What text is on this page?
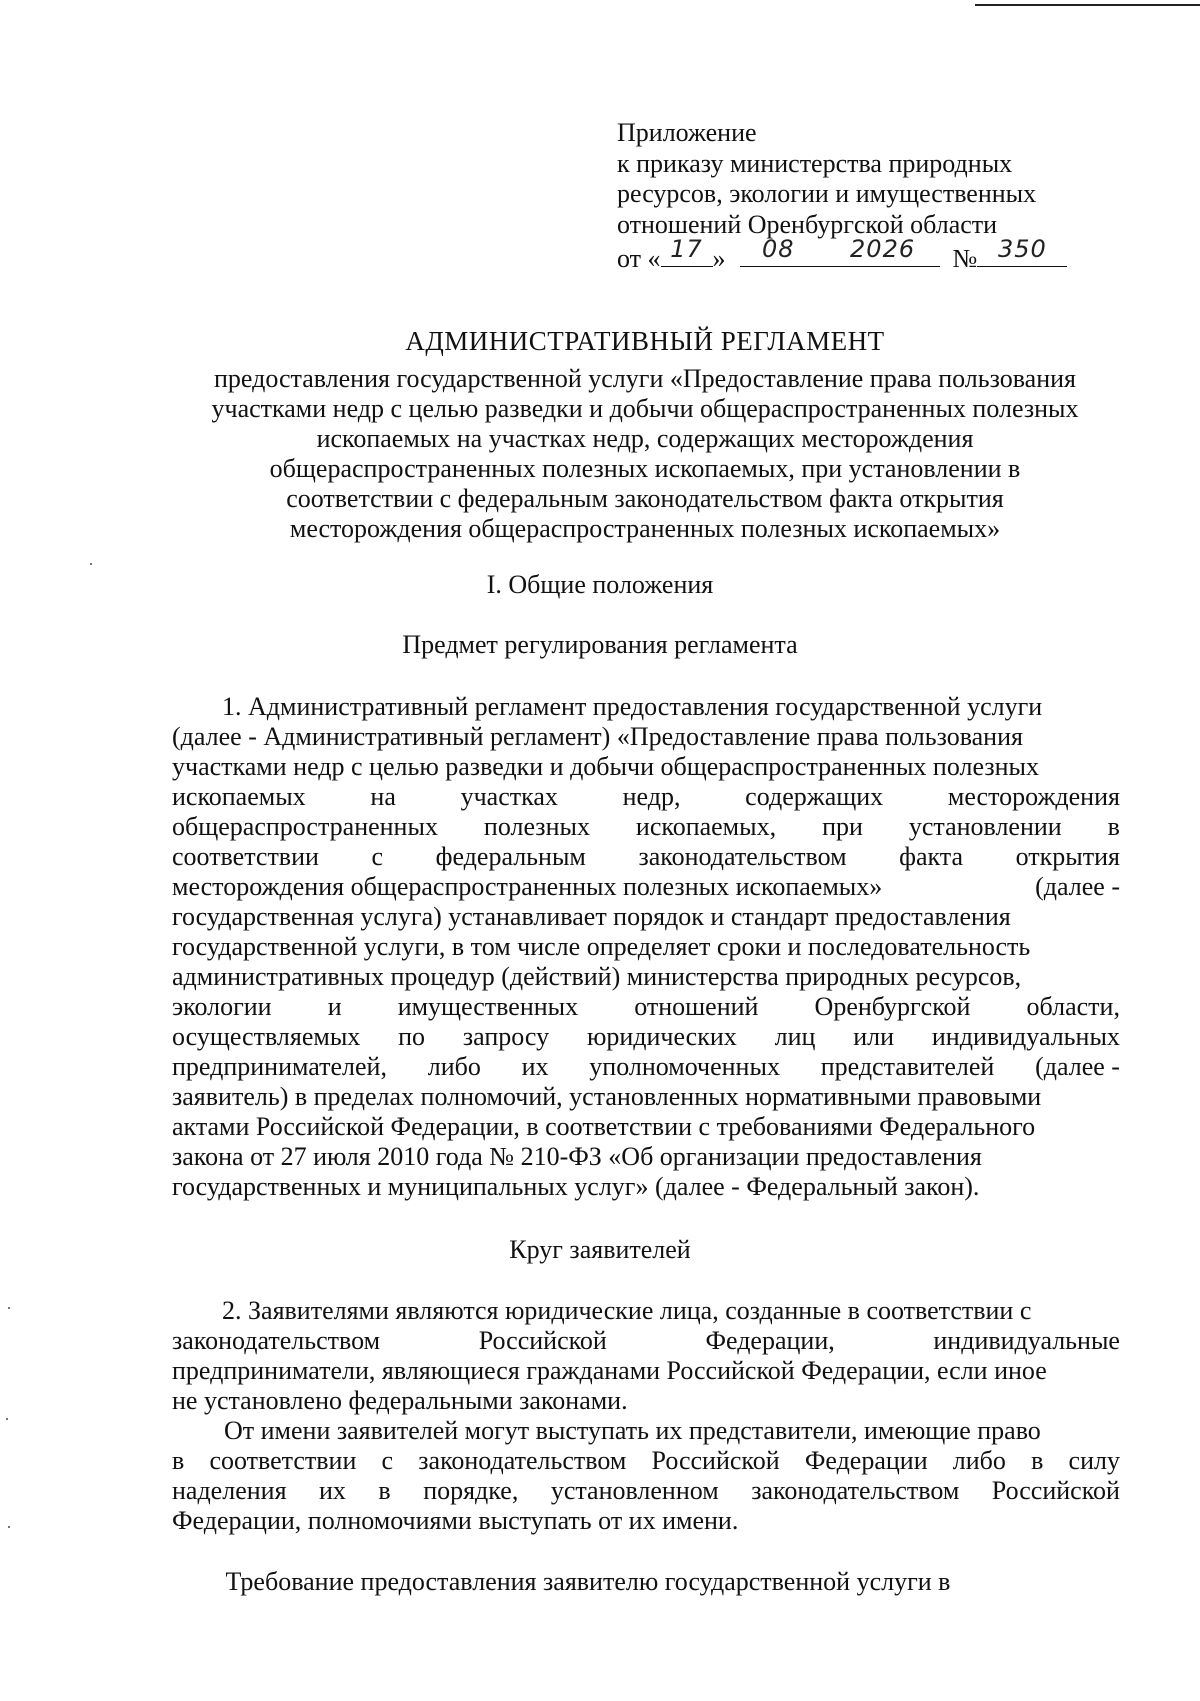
Приложение
к приказу министерства природных
ресурсов, экологии и имущественных
отношений Оренбургской области
от « 17 »	08	2026	№ 350
АДМИНИСТРАТИВНЫЙ РЕГЛАМЕНТ
предоставления государственной услуги «Предоставление права пользования
участками недр с целью разведки и добычи общераспространенных полезных
ископаемых на участках недр, содержащих месторождения
общераспространенных полезных ископаемых, при установлении в
соответствии с федеральным законодательством факта открытия
месторождения общераспространенных полезных ископаемых»
I. Общие положения
Предмет регулирования регламента
1. Административный регламент предоставления государственной услуги
(далее - Административный регламент) «Предоставление права пользования
участками недр с целью разведки и добычи общераспространенных полезных
ископаемых на участках недр, содержащих месторождения
общераспространенных полезных ископаемых, при установлении в
соответствии с федеральным законодательством факта открытия
месторождения общераспространенных полезных ископаемых»	(далее -
государственная услуга) устанавливает порядок и стандарт предоставления
государственной услуги, в том числе определяет сроки и последовательность
административных процедур (действий) министерства природных ресурсов,
экологии и имущественных отношений Оренбургской области,
осуществляемых по запросу юридических лиц или индивидуальных
предпринимателей, либо их уполномоченных представителей (далее -
заявитель) в пределах полномочий, установленных нормативными правовыми
актами Российской Федерации, в соответствии с требованиями Федерального
закона от 27 июля 2010 года № 210-ФЗ «Об организации предоставления
государственных и муниципальных услуг» (далее - Федеральный закон).
Круг заявителей
2. Заявителями являются юридические лица, созданные в соответствии с
законодательством	Российской	Федерации,	индивидуальные
предприниматели, являющиеся гражданами Российской Федерации, если иное
не установлено федеральными законами.
От имени заявителей могут выступать их представители, имеющие право
в соответствии с законодательством Российской Федерации либо в силу
наделения их в порядке, установленном законодательством Российской
Федерации, полномочиями выступать от их имени.
Требование предоставления заявителю государственной услуги в
